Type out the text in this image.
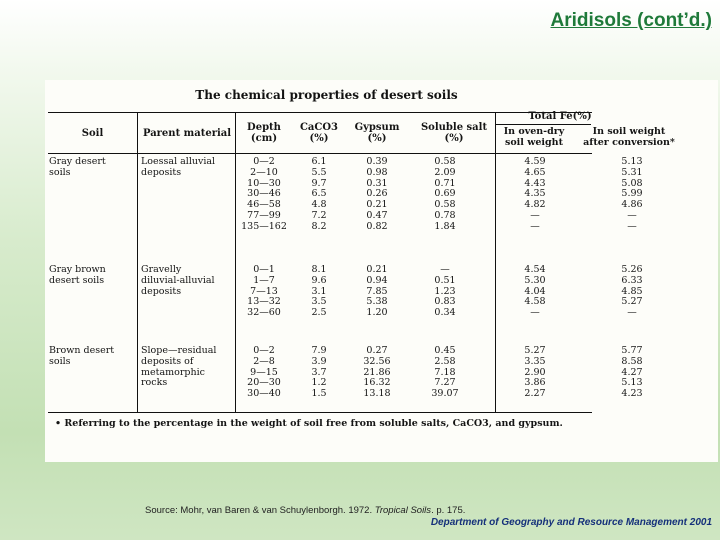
Aridisols (cont’d.)
The chemical properties of desert soils
Soil	Parent material
Depth
(cm)
CaCO3
(%)
Gypsum
(%)
Soluble salt
(%)
Total Fe(%)
In oven-dry
soil weight
In soil weight
after conversion*
Gray desert
soils
Loessal alluvial
deposits
0—2
2—10
10—30
30—46
46—58
77—99
135—162
6.1
5.5
9.7
6.5
4.8
7.2
8.2
0.39
0.98
0.31
0.26
0.21
0.47
0.82
0.58
2.09
0.71
0.69
0.58
0.78
1.84
4.59
4.65
4.43
4.35
4.82
—
—
5.13
5.31
5.08
5.99
4.86
—
—
Gray brown
desert soils
Gravelly
diluvial-alluvial
deposits
0—1
1—7
7—13
13—32
32—60
8.1
9.6
3.1
3.5
2.5
0.21
0.94
7.85
5.38
1.20
—
0.51
1.23
0.83
0.34
4.54
5.30
4.04
4.58
—
5.26
6.33
4.85
5.27
—
Brown desert
soils
Slope—residual
deposits of
metamorphic
rocks
0—2
2—8
9—15
20—30
30—40
7.9
3.9
3.7
1.2
1.5
0.27
32.56
21.86
16.32
13.18
0.45
2.58
7.18
7.27
39.07
5.27
3.35
2.90
3.86
2.27
5.77
8.58
4.27
5.13
4.23
• Referring to the percentage in the weight of soil free from soluble salts, CaCO3, and gypsum.
Source: Mohr, van Baren & van Schuylenborgh. 1972. Tropical Soils. p. 175.
Department of Geography and Resource Management 2001
